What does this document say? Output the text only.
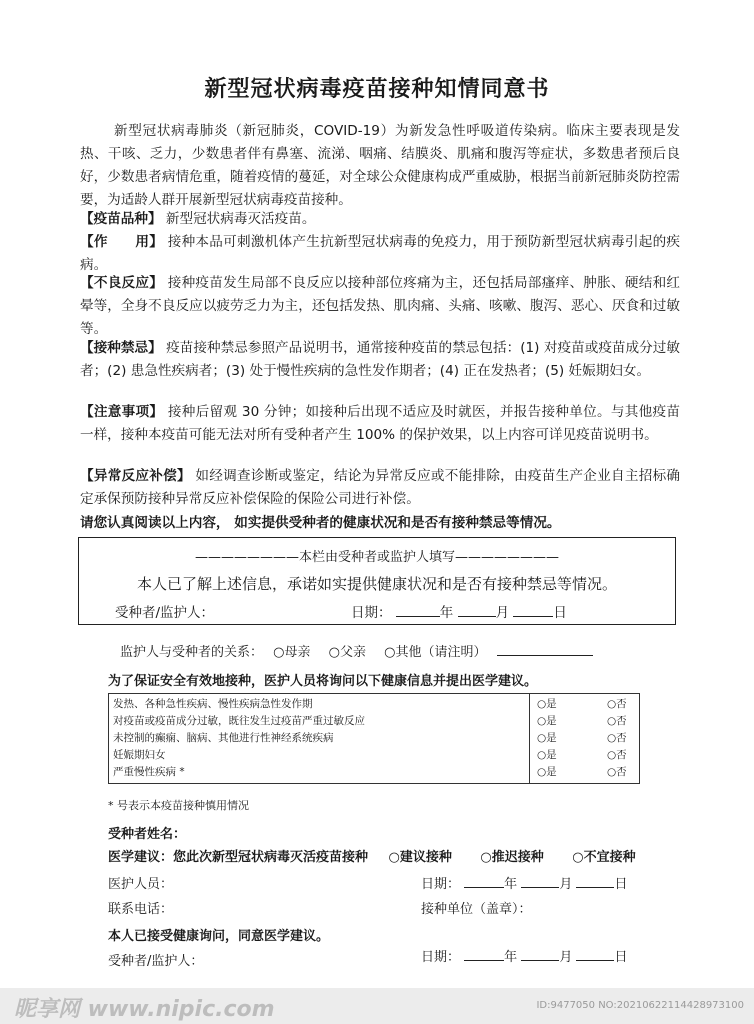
新型冠状病毒疫苗接种知情同意书
新型冠状病毒肺炎（新冠肺炎，COVID-19）为新发急性呼吸道传染病。临床主要表现是发热、干咳、乏力，少数患者伴有鼻塞、流涕、咽痛、结膜炎、肌痛和腹泻等症状，多数患者预后良好，少数患者病情危重，随着疫情的蔓延，对全球公众健康构成严重威胁，根据当前新冠肺炎防控需要，为适龄人群开展新型冠状病毒疫苗接种。
【疫苗品种】 新型冠状病毒灭活疫苗。
【作　　用】 接种本品可刺激机体产生抗新型冠状病毒的免疫力，用于预防新型冠状病毒引起的疾病。
【不良反应】 接种疫苗发生局部不良反应以接种部位疼痛为主，还包括局部瘙痒、肿胀、硬结和红晕等，全身不良反应以疲劳乏力为主，还包括发热、肌肉痛、头痛、咳嗽、腹泻、恶心、厌食和过敏等。
【接种禁忌】 疫苗接种禁忌参照产品说明书，通常接种疫苗的禁忌包括：(1) 对疫苗或疫苗成分过敏者；(2) 患急性疾病者；(3) 处于慢性疾病的急性发作期者；(4) 正在发热者；(5) 妊娠期妇女。
【注意事项】 接种后留观 30 分钟；如接种后出现不适应及时就医，并报告接种单位。与其他疫苗一样，接种本疫苗可能无法对所有受种者产生 100% 的保护效果，以上内容可详见疫苗说明书。
【异常反应补偿】 如经调查诊断或鉴定，结论为异常反应或不能排除，由疫苗生产企业自主招标确定承保预防接种异常反应补偿保险的保险公司进行补偿。
请您认真阅读以上内容， 如实提供受种者的健康状况和是否有接种禁忌等情况。
————————本栏由受种者或监护人填写————————
本人已了解上述信息，承诺如实提供健康状况和是否有接种禁忌等情况。
受种者/监护人：	日期：	年	月	日
监护人与受种者的关系： ○母亲 ○父亲 ○其他（请注明）
为了保证安全有效地接种，医护人员将询问以下健康信息并提出医学建议。
发热、各种急性疾病、慢性疾病急性发作期	○是	○否
对疫苗或疫苗成分过敏，既往发生过疫苗严重过敏反应	○是	○否
未控制的癫痫、脑病、其他进行性神经系统疾病	○是	○否
妊娠期妇女	○是	○否
严重慢性疾病 *	○是	○否
* 号表示本疫苗接种慎用情况
受种者姓名：
医学建议：您此次新型冠状病毒灭活疫苗接种 ○建议接种 ○推迟接种 ○不宜接种
医护人员：	日期：	年	月	日
联系电话：	接种单位（盖章）：
本人已接受健康询问，同意医学建议。
受种者/监护人：	日期：	年	月	日
昵享网 www.nipic.com	ID:9477050 NO:20210622114428973100
